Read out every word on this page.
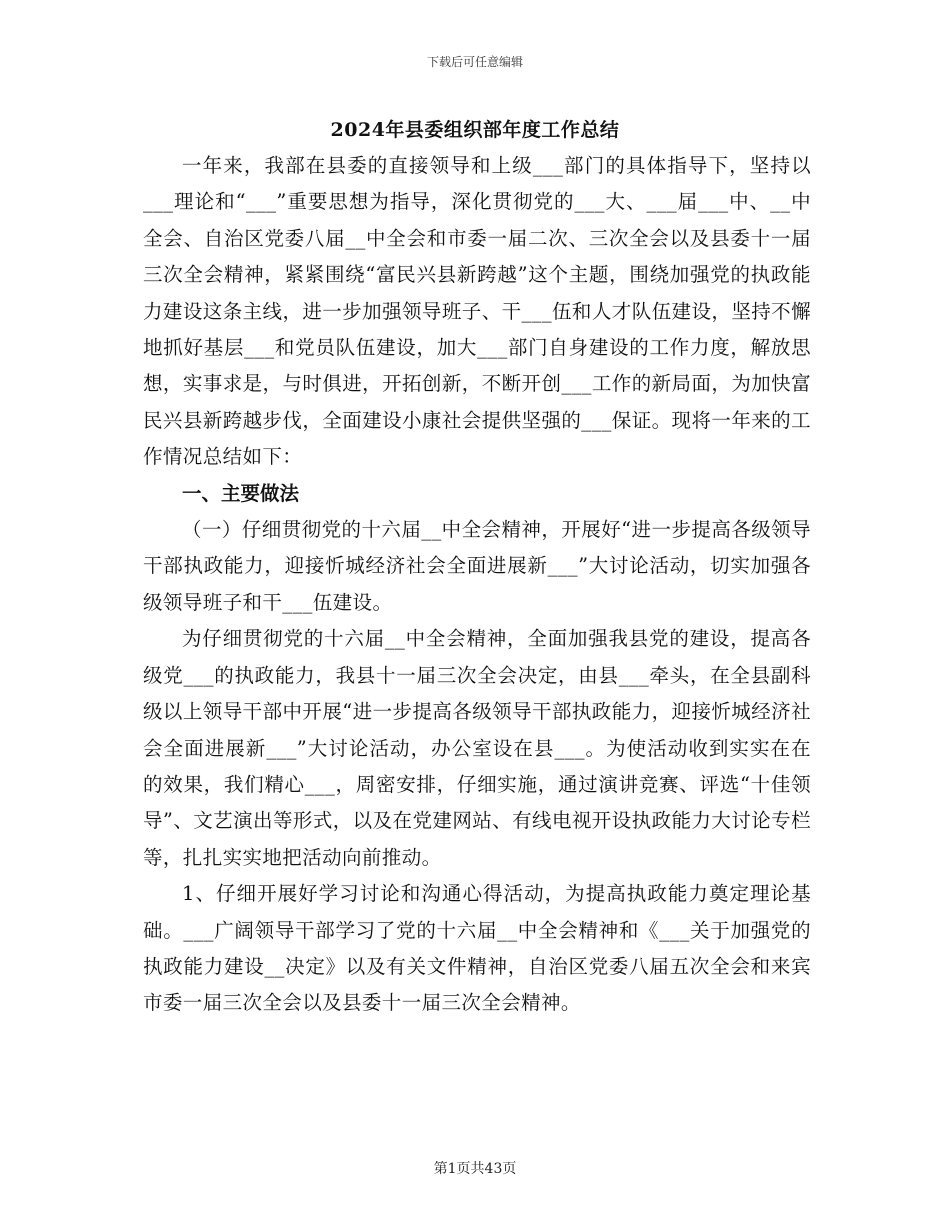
下载后可任意编辑
2024年县委组织部年度工作总结

一年来，我部在县委的直接领导和上级___部门的具体指导下，坚持以___理论和“___”重要思想为指导，深化贯彻党的___大、___届___中、__中全会、自治区党委八届__中全会和市委一届二次、三次全会以及县委十一届三次全会精神，紧紧围绕“富民兴县新跨越”这个主题，围绕加强党的执政能力建设这条主线，进一步加强领导班子、干___伍和人才队伍建设，坚持不懈地抓好基层___和党员队伍建设，加大___部门自身建设的工作力度，解放思想，实事求是，与时俱进，开拓创新，不断开创___工作的新局面，为加快富民兴县新跨越步伐，全面建设小康社会提供坚强的___保证。现将一年来的工作情况总结如下：

一、主要做法

（一）仔细贯彻党的十六届__中全会精神，开展好“进一步提高各级领导干部执政能力，迎接忻城经济社会全面进展新___”大讨论活动，切实加强各级领导班子和干___伍建设。

为仔细贯彻党的十六届__中全会精神，全面加强我县党的建设，提高各级党___的执政能力，我县十一届三次全会决定，由县___牵头，在全县副科级以上领导干部中开展“进一步提高各级领导干部执政能力，迎接忻城经济社会全面进展新___”大讨论活动，办公室设在县___。为使活动收到实实在在的效果，我们精心___，周密安排，仔细实施，通过演讲竞赛、评选“十佳领导”、文艺演出等形式，以及在党建网站、有线电视开设执政能力大讨论专栏等，扎扎实实地把活动向前推动。

1、仔细开展好学习讨论和沟通心得活动，为提高执政能力奠定理论基础。___广阔领导干部学习了党的十六届__中全会精神和《___关于加强党的执政能力建设__决定》以及有关文件精神，自治区党委八届五次全会和来宾市委一届三次全会以及县委十一届三次全会精神。

第1页共43页
